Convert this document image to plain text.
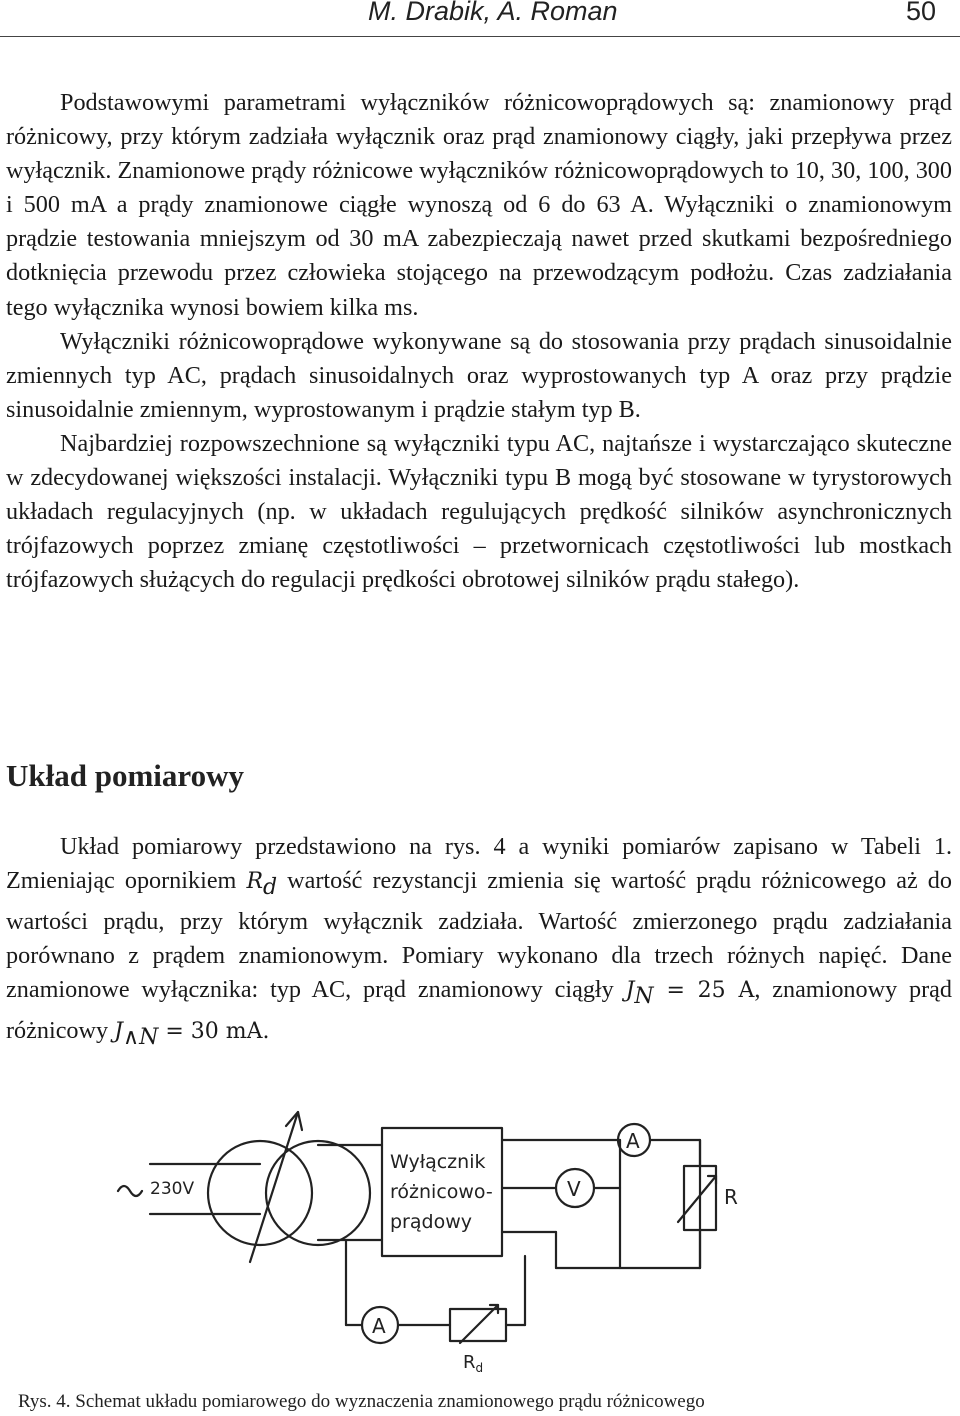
M. Drabik, A. Roman	50

Podstawowymi parametrami wyłączników różnicowoprądowych są: znamionowy prąd różnicowy, przy którym zadziała wyłącznik oraz prąd znamionowy ciągły, jaki przepływa przez wyłącznik. Znamionowe prądy różnicowe wyłączników różnicowoprądowych to 10, 30, 100, 300 i 500 mA a prądy znamionowe ciągłe wynoszą od 6 do 63 A. Wyłączniki o znamionowym prądzie testowania mniejszym od 30 mA zabezpieczają nawet przed skutkami bezpośredniego dotknięcia przewodu przez człowieka stojącego na przewodzącym podłożu. Czas zadziałania tego wyłącznika wynosi bowiem kilka ms.

Wyłączniki różnicowoprądowe wykonywane są do stosowania przy prądach sinusoidalnie zmiennych typ AC, prądach sinusoidalnych oraz wyprostowanych typ A oraz przy prądzie sinusoidalnie zmiennym, wyprostowanym i prądzie stałym typ B.

Najbardziej rozpowszechnione są wyłączniki typu AC, najtańsze i wystarczająco skuteczne w zdecydowanej większości instalacji. Wyłączniki typu B mogą być stosowane w tyrystorowych układach regulacyjnych (np. w układach regulujących prędkość silników asynchronicznych trójfazowych poprzez zmianę częstotliwości – przetwornicach częstotliwości lub mostkach trójfazowych służących do regulacji prędkości obrotowej silników prądu stałego).

Układ pomiarowy

Układ pomiarowy przedstawiono na rys. 4 a wyniki pomiarów zapisano w Tabeli 1. Zmieniając opornikiem $R_d$ wartość rezystancji zmienia się wartość prądu różnicowego aż do wartości prądu, przy którym wyłącznik zadziała. Wartość zmierzonego prądu zadziałania porównano z prądem znamionowym. Pomiary wykonano dla trzech różnych napięć. Dane znamionowe wyłącznika: typ AC, prąd znamionowy ciągły $J_N = 25$ A, znamionowy prąd różnicowy $J_{\wedge N} = 30$ mA.

230V
Wyłącznik
różnicowo-
prądowy
A
V	R
A
$R_d$
Rys. 4. Schemat układu pomiarowego do wyznaczenia znamionowego prądu różnicowego
